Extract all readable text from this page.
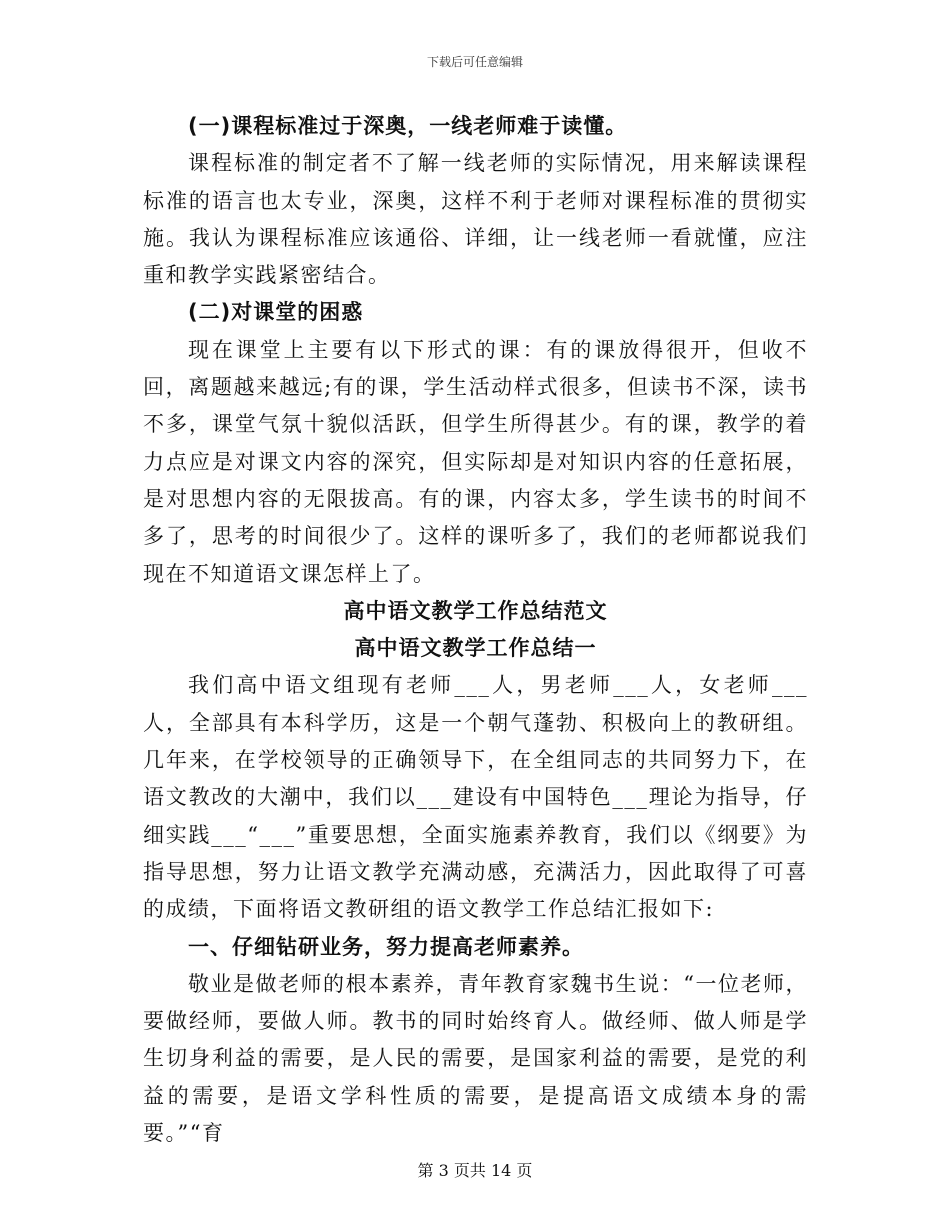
下载后可任意编辑

(一)课程标准过于深奥，一线老师难于读懂。

课程标准的制定者不了解一线老师的实际情况，用来解读课程标准的语言也太专业，深奥，这样不利于老师对课程标准的贯彻实施。我认为课程标准应该通俗、详细，让一线老师一看就懂，应注重和教学实践紧密结合。

(二)对课堂的困惑

现在课堂上主要有以下形式的课：有的课放得很开，但收不回，离题越来越远;有的课，学生活动样式很多，但读书不深，读书不多，课堂气氛十貌似活跃，但学生所得甚少。有的课，教学的着力点应是对课文内容的深究，但实际却是对知识内容的任意拓展，是对思想内容的无限拔高。有的课，内容太多，学生读书的时间不多了，思考的时间很少了。这样的课听多了，我们的老师都说我们现在不知道语文课怎样上了。

高中语文教学工作总结范文

高中语文教学工作总结一

我们高中语文组现有老师___人，男老师___人，女老师___人，全部具有本科学历，这是一个朝气蓬勃、积极向上的教研组。几年来，在学校领导的正确领导下，在全组同志的共同努力下，在语文教改的大潮中，我们以___建设有中国特色___理论为指导，仔细实践___“___”重要思想，全面实施素养教育，我们以《纲要》为指导思想，努力让语文教学充满动感，充满活力，因此取得了可喜的成绩，下面将语文教研组的语文教学工作总结汇报如下:

一、仔细钻研业务，努力提高老师素养。

敬业是做老师的根本素养，青年教育家魏书生说：“一位老师，要做经师，要做人师。教书的同时始终育人。做经师、做人师是学生切身利益的需要，是人民的需要，是国家利益的需要，是党的利益的需要，是语文学科性质的需要，是提高语文成绩本身的需要。”“育

第 3 页共 14 页
